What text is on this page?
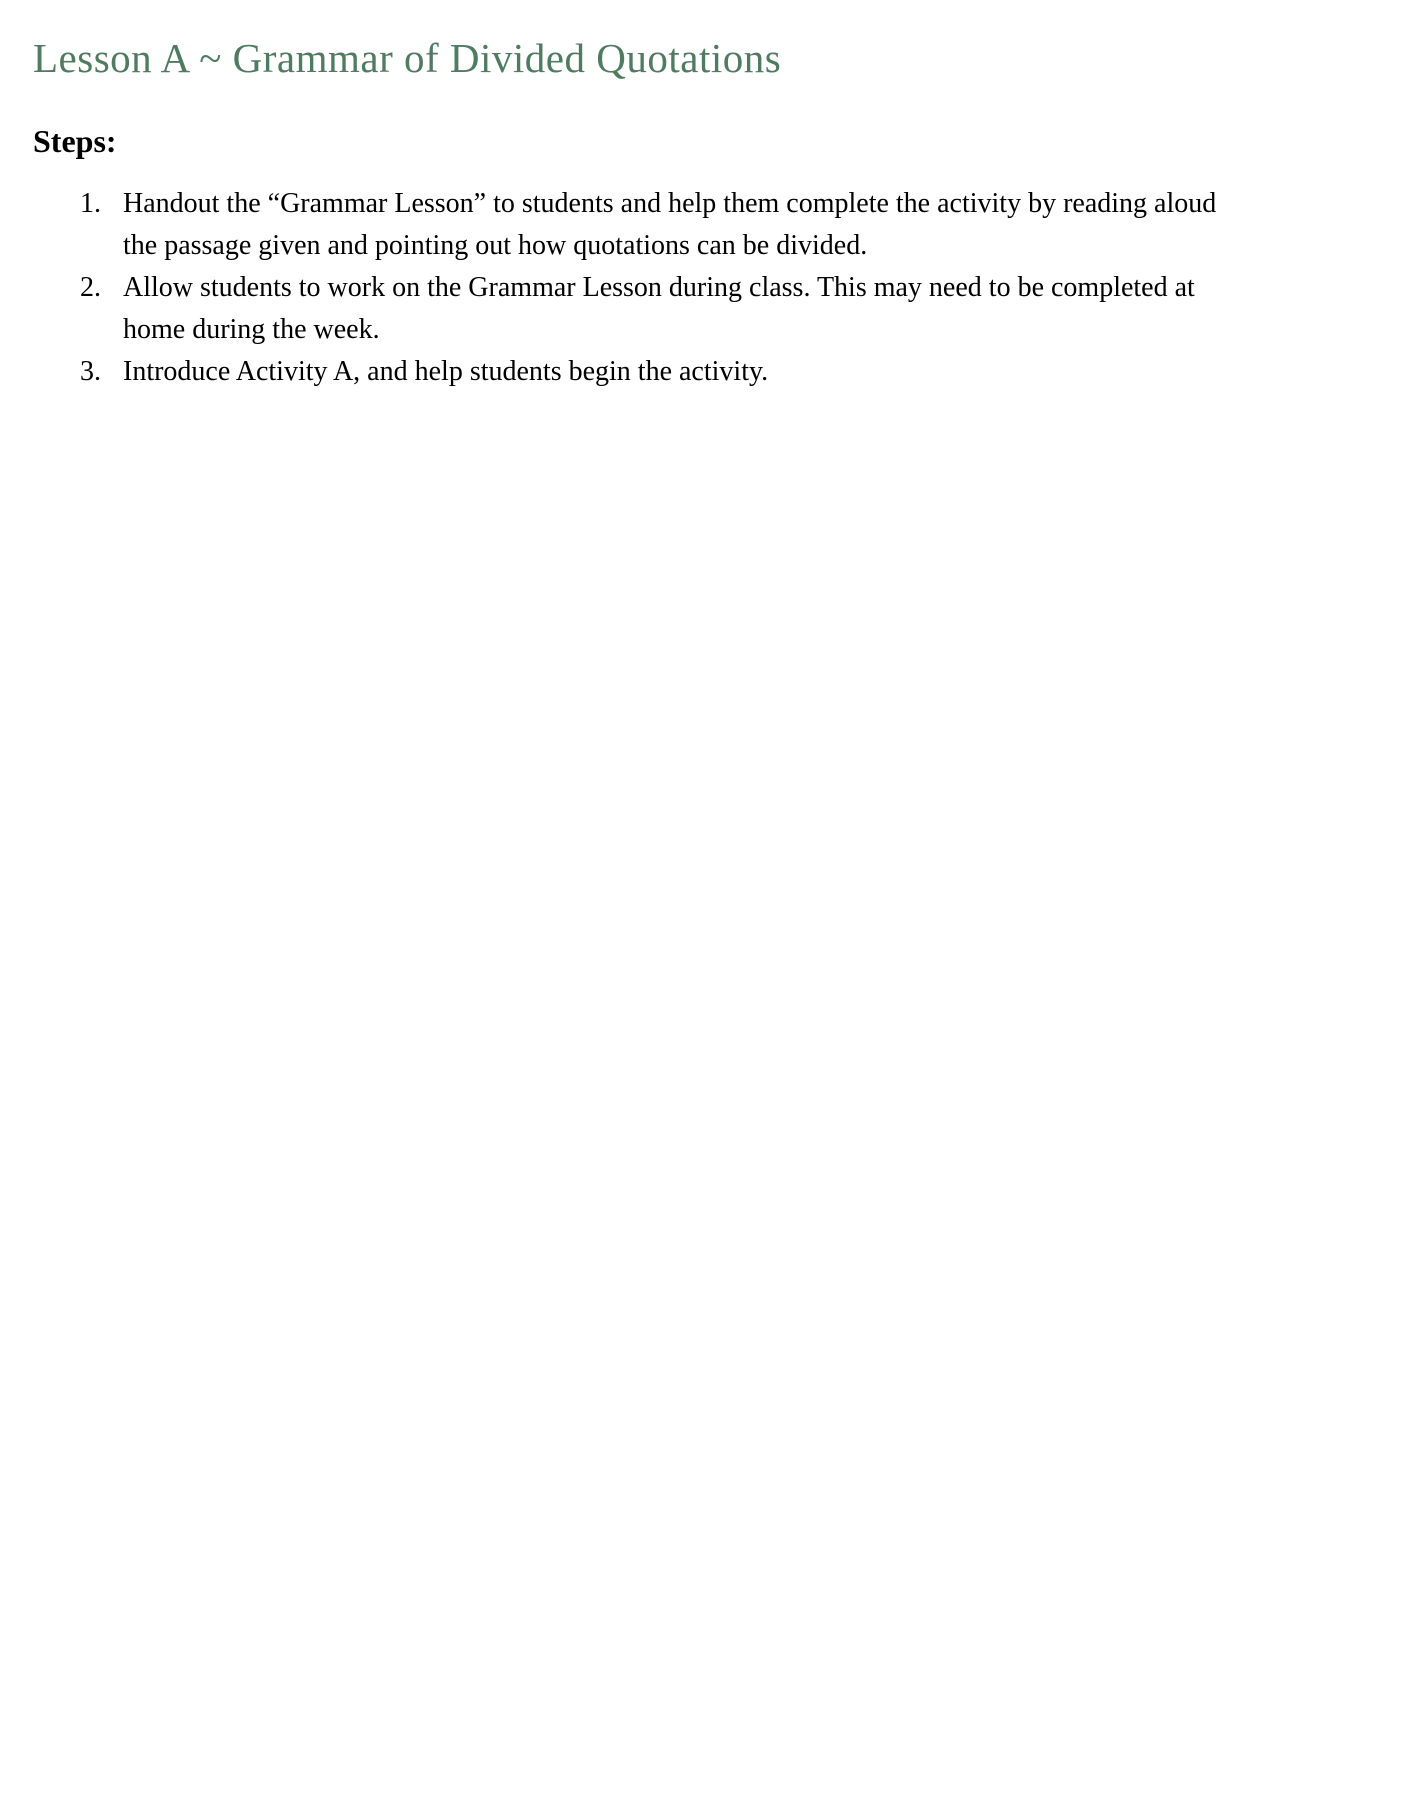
Lesson A ~ Grammar of Divided Quotations
Steps:
1. Handout the “Grammar Lesson” to students and help them complete the activity by reading aloud the passage given and pointing out how quotations can be divided.
2. Allow students to work on the Grammar Lesson during class. This may need to be completed at home during the week.
3. Introduce Activity A, and help students begin the activity.
